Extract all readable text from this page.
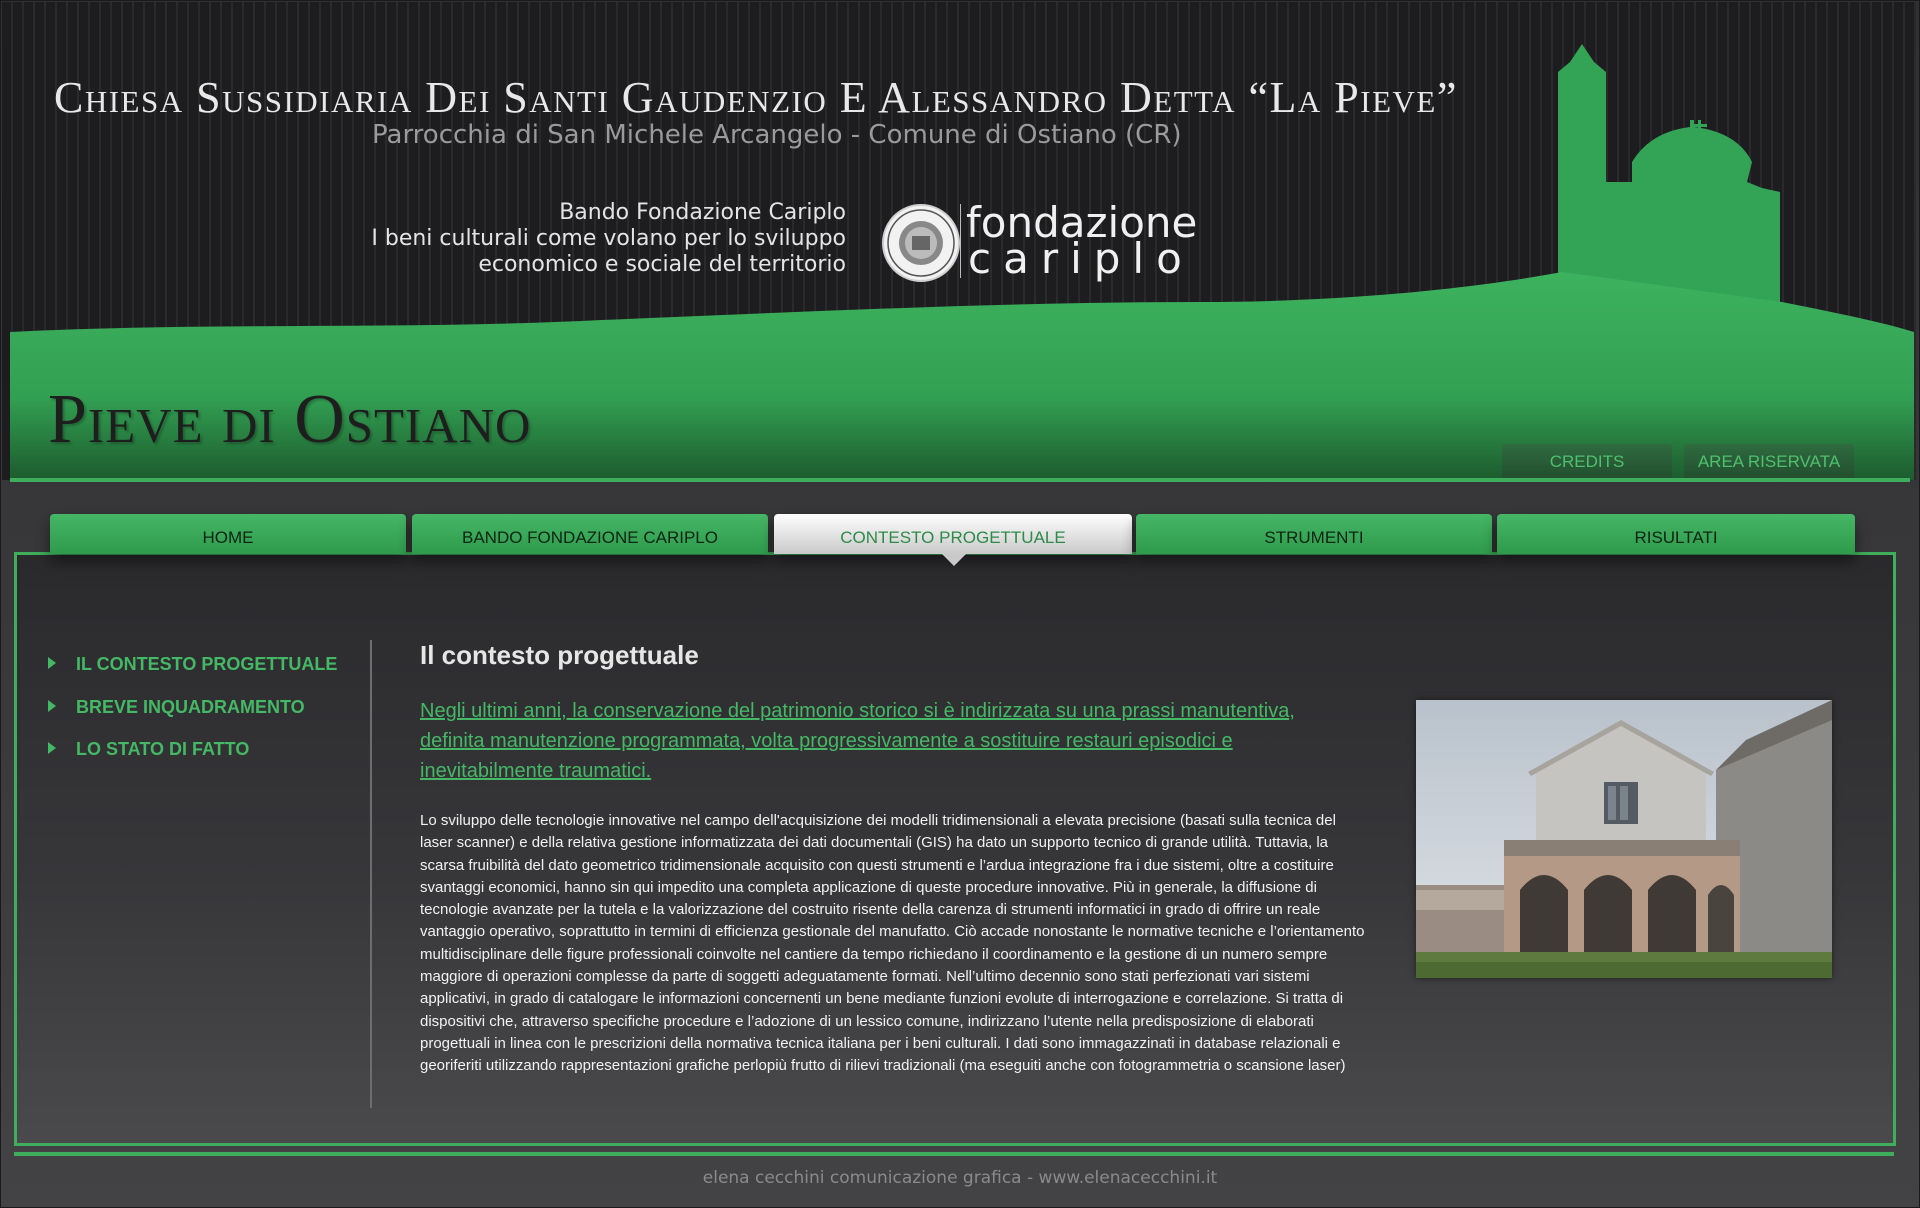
Chiesa Sussidiaria Dei Santi Gaudenzio E Alessandro Detta “La Pieve”
Parrocchia di San Michele Arcangelo - Comune di Ostiano (CR)
Bando Fondazione Cariplo
I beni culturali come volano per lo sviluppo
economico e sociale del territorio
fondazione
cariplo
Pieve di Ostiano
CREDITS	AREA RISERVATA
HOME	BANDO FONDAZIONE CARIPLO	CONTESTO PROGETTUALE	STRUMENTI	RISULTATI
IL CONTESTO PROGETTUALE
BREVE INQUADRAMENTO
LO STATO DI FATTO
Il contesto progettuale

Negli ultimi anni, la conservazione del patrimonio storico si è indirizzata su una prassi manutentiva, definita manutenzione programmata, volta progressivamente a sostituire restauri episodici e inevitabilmente traumatici.

Lo sviluppo delle tecnologie innovative nel campo dell'acquisizione dei modelli tridimensionali a elevata precisione (basati sulla tecnica del laser scanner) e della relativa gestione informatizzata dei dati documentali (GIS) ha dato un supporto tecnico di grande utilità. Tuttavia, la scarsa fruibilità del dato geometrico tridimensionale acquisito con questi strumenti e l’ardua integrazione fra i due sistemi, oltre a costituire svantaggi economici, hanno sin qui impedito una completa applicazione di queste procedure innovative. Più in generale, la diffusione di tecnologie avanzate per la tutela e la valorizzazione del costruito risente della carenza di strumenti informatici in grado di offrire un reale vantaggio operativo, soprattutto in termini di efficienza gestionale del manufatto. Ciò accade nonostante le normative tecniche e l’orientamento multidisciplinare delle figure professionali coinvolte nel cantiere da tempo richiedano il coordinamento e la gestione di un numero sempre maggiore di operazioni complesse da parte di soggetti adeguatamente formati. Nell’ultimo decennio sono stati perfezionati vari sistemi applicativi, in grado di catalogare le informazioni concernenti un bene mediante funzioni evolute di interrogazione e correlazione. Si tratta di dispositivi che, attraverso specifiche procedure e l’adozione di un lessico comune, indirizzano l’utente nella predisposizione di elaborati progettuali in linea con le prescrizioni della normativa tecnica italiana per i beni culturali. I dati sono immagazzinati in database relazionali e georiferiti utilizzando rappresentazioni grafiche perlopiù frutto di rilievi tradizionali (ma eseguiti anche con fotogrammetria o scansione laser)

elena cecchini comunicazione grafica - www.elenacecchini.it
